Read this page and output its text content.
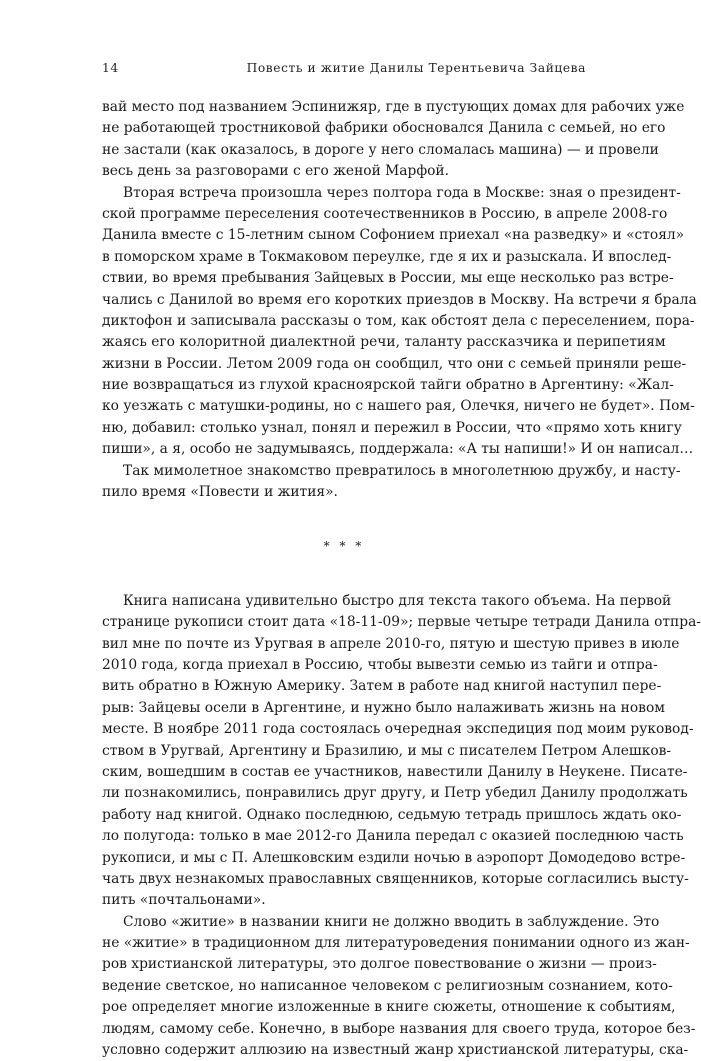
14	Повесть и житие Данилы Терентьевича Зайцева

вай место под названием Эспинижяр, где в пустующих домах для рабочих уже

не работающей тростниковой фабрики обосновался Данила с семьей, но его

не застали (как оказалось, в дороге у него сломалась машина) — и провели

весь день за разговорами с его женой Марфой.

Вторая встреча произошла через полтора года в Москве: зная о президент-

ской программе переселения соотечественников в Россию, в апреле 2008-го

Данила вместе с 15-летним сыном Софонием приехал «на разведку» и «стоял»

в поморском храме в Токмаковом переулке, где я их и разыскала. И впослед-

ствии, во время пребывания Зайцевых в России, мы еще несколько раз встре-

чались с Данилой во время его коротких приездов в Москву. На встречи я брала

диктофон и записывала рассказы о том, как обстоят дела с переселением, пора-

жаясь его колоритной диалектной речи, таланту рассказчика и перипетиям

жизни в России. Летом 2009 года он сообщил, что они с семьей приняли реше-

ние возвращаться из глухой красноярской тайги обратно в Аргентину: «Жал-

ко уезжать с матушки-родины, но с нашего рая, Олечкя, ничего не будет». Пом-

ню, добавил: столько узнал, понял и пережил в России, что «прямо хоть книгу

пиши», а я, особо не задумываясь, поддержала: «А ты напиши!» И он написал…

Так мимолетное знакомство превратилось в многолетнюю дружбу, и насту-

пило время «Повести и жития».

* * *

Книга написана удивительно быстро для текста такого объема. На первой

странице рукописи стоит дата «18-11-09»; первые четыре тетради Данила отпра-

вил мне по почте из Уругвая в апреле 2010-го, пятую и шестую привез в июле

2010 года, когда приехал в Россию, чтобы вывезти семью из тайги и отпра-

вить обратно в Южную Америку. Затем в работе над книгой наступил пере-

рыв: Зайцевы осели в Аргентине, и нужно было налаживать жизнь на новом

месте. В ноябре 2011 года состоялась очередная экспедиция под моим руковод-

ством в Уругвай, Аргентину и Бразилию, и мы с писателем Петром Алешков-

ским, вошедшим в состав ее участников, навестили Данилу в Неукене. Писате-

ли познакомились, понравились друг другу, и Петр убедил Данилу продолжать

работу над книгой. Однако последнюю, седьмую тетрадь пришлось ждать око-

ло полугода: только в мае 2012-го Данила передал с оказией последнюю часть

рукописи, и мы с П. Алешковским ездили ночью в аэропорт Домодедово встре-

чать двух незнакомых православных священников, которые согласились высту-

пить «почтальонами».

Слово «житие» в названии книги не должно вводить в заблуждение. Это

не «житие» в традиционном для литературоведения понимании одного из жан-

ров христианской литературы, это долгое повествование о жизни — произ-

ведение светское, но написанное человеком с религиозным сознанием, кото-

рое определяет многие изложенные в книге сюжеты, отношение к событиям,

людям, самому себе. Конечно, в выборе названия для своего труда, которое без-

условно содержит аллюзию на известный жанр христианской литературы, ска-
